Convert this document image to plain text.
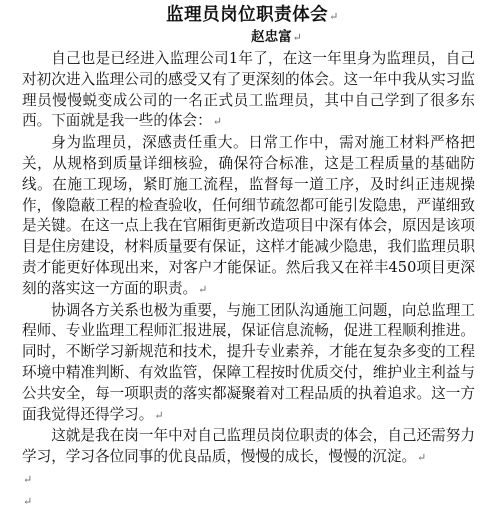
监理员岗位职责体会↵

赵忠富↵

自己也是已经进入监理公司1年了，在这一年里身为监理员，自己对初次进入监理公司的感受又有了更深刻的体会。这一年中我从实习监理员慢慢蜕变成公司的一名正式员工监理员，其中自己学到了很多东西。下面就是我一些的体会：↵

身为监理员，深感责任重大。日常工作中，需对施工材料严格把关，从规格到质量详细核验，确保符合标准，这是工程质量的基础防线。在施工现场，紧盯施工流程，监督每一道工序，及时纠正违规操作，像隐蔽工程的检查验收，任何细节疏忽都可能引发隐患，严谨细致是关键。在这一点上我在官厢街更新改造项目中深有体会，原因是该项目是住房建设，材料质量要有保证，这样才能减少隐患，我们监理员职责才能更好体现出来，对客户才能保证。然后我又在祥丰450项目更深刻的落实这一方面的职责。↵

协调各方关系也极为重要，与施工团队沟通施工问题，向总监理工程师、专业监理工程师汇报进展，保证信息流畅，促进工程顺利推进。同时，不断学习新规范和技术，提升专业素养，才能在复杂多变的工程环境中精准判断、有效监管，保障工程按时优质交付，维护业主利益与公共安全，每一项职责的落实都凝聚着对工程品质的执着追求。这一方面我觉得还得学习。↵

这就是我在岗一年中对自己监理员岗位职责的体会，自己还需努力学习，学习各位同事的优良品质，慢慢的成长，慢慢的沉淀。↵

↵

↵
